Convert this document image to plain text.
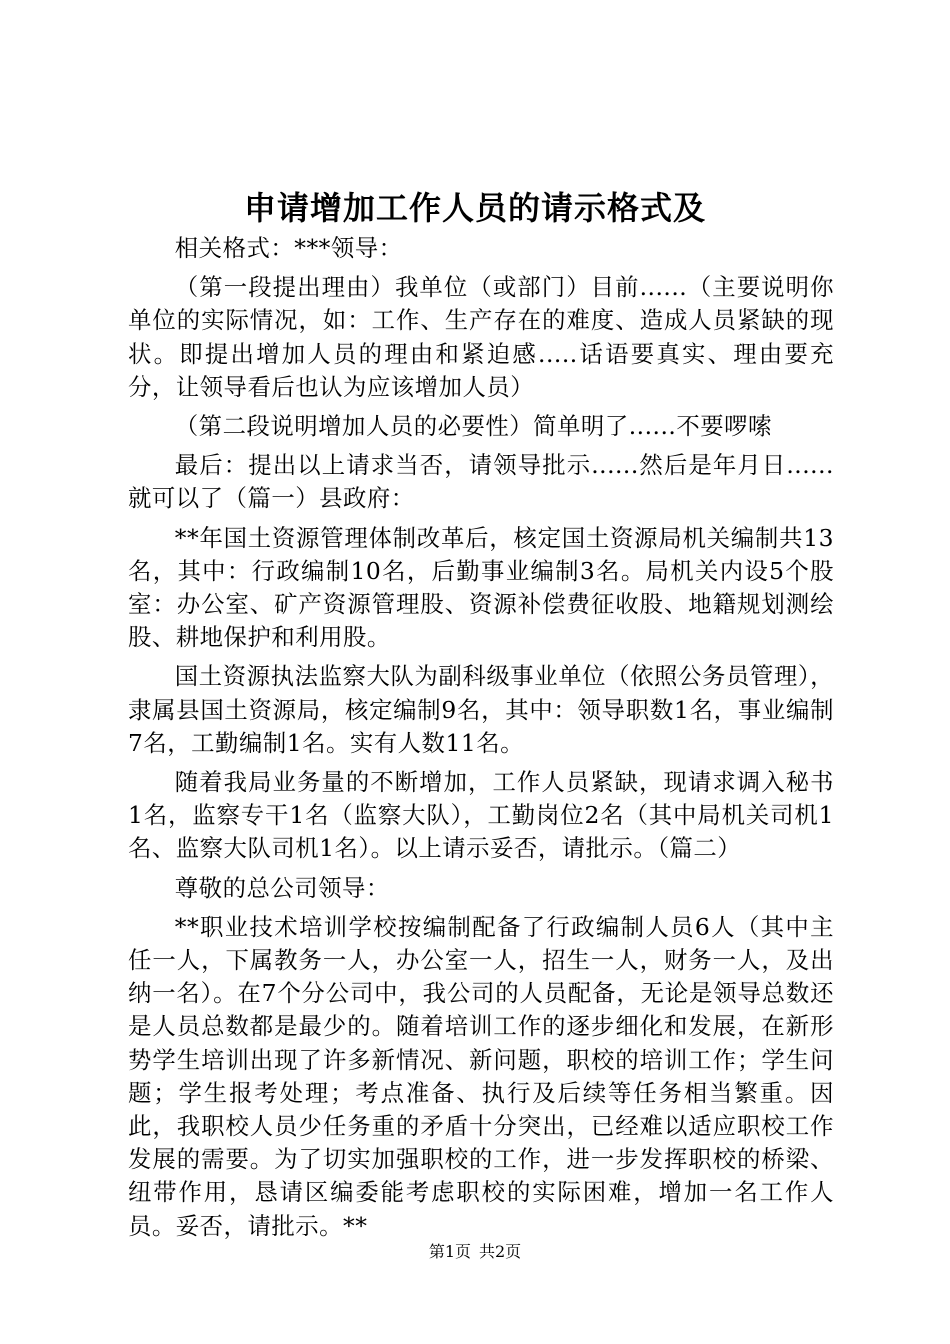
申请增加工作人员的请示格式及

相关格式：***领导：

（第一段提出理由）我单位（或部门）目前......（主要说明你单位的实际情况，如：工作、生产存在的难度、造成人员紧缺的现状。即提出增加人员的理由和紧迫感.....话语要真实、理由要充分，让领导看后也认为应该增加人员）

（第二段说明增加人员的必要性）简单明了......不要啰嗦

最后：提出以上请求当否，请领导批示......然后是年月日......就可以了（篇一）县政府：

**年国土资源管理体制改革后，核定国土资源局机关编制共13名，其中：行政编制10名，后勤事业编制3名。局机关内设5个股室：办公室、矿产资源管理股、资源补偿费征收股、地籍规划测绘股、耕地保护和利用股。

国土资源执法监察大队为副科级事业单位（依照公务员管理），隶属县国土资源局，核定编制9名，其中：领导职数1名，事业编制7名，工勤编制1名。实有人数11名。

随着我局业务量的不断增加，工作人员紧缺，现请求调入秘书1名，监察专干1名（监察大队），工勤岗位2名（其中局机关司机1名、监察大队司机1名）。以上请示妥否，请批示。（篇二）

尊敬的总公司领导：

**职业技术培训学校按编制配备了行政编制人员6人（其中主任一人，下属教务一人，办公室一人，招生一人，财务一人，及出纳一名）。在7个分公司中，我公司的人员配备，无论是领导总数还是人员总数都是最少的。随着培训工作的逐步细化和发展，在新形势学生培训出现了许多新情况、新问题，职校的培训工作；学生问题；学生报考处理；考点准备、执行及后续等任务相当繁重。因此，我职校人员少任务重的矛盾十分突出，已经难以适应职校工作发展的需要。为了切实加强职校的工作，进一步发挥职校的桥梁、纽带作用，恳请区编委能考虑职校的实际困难，增加一名工作人员。妥否，请批示。**

第1页 共2页
